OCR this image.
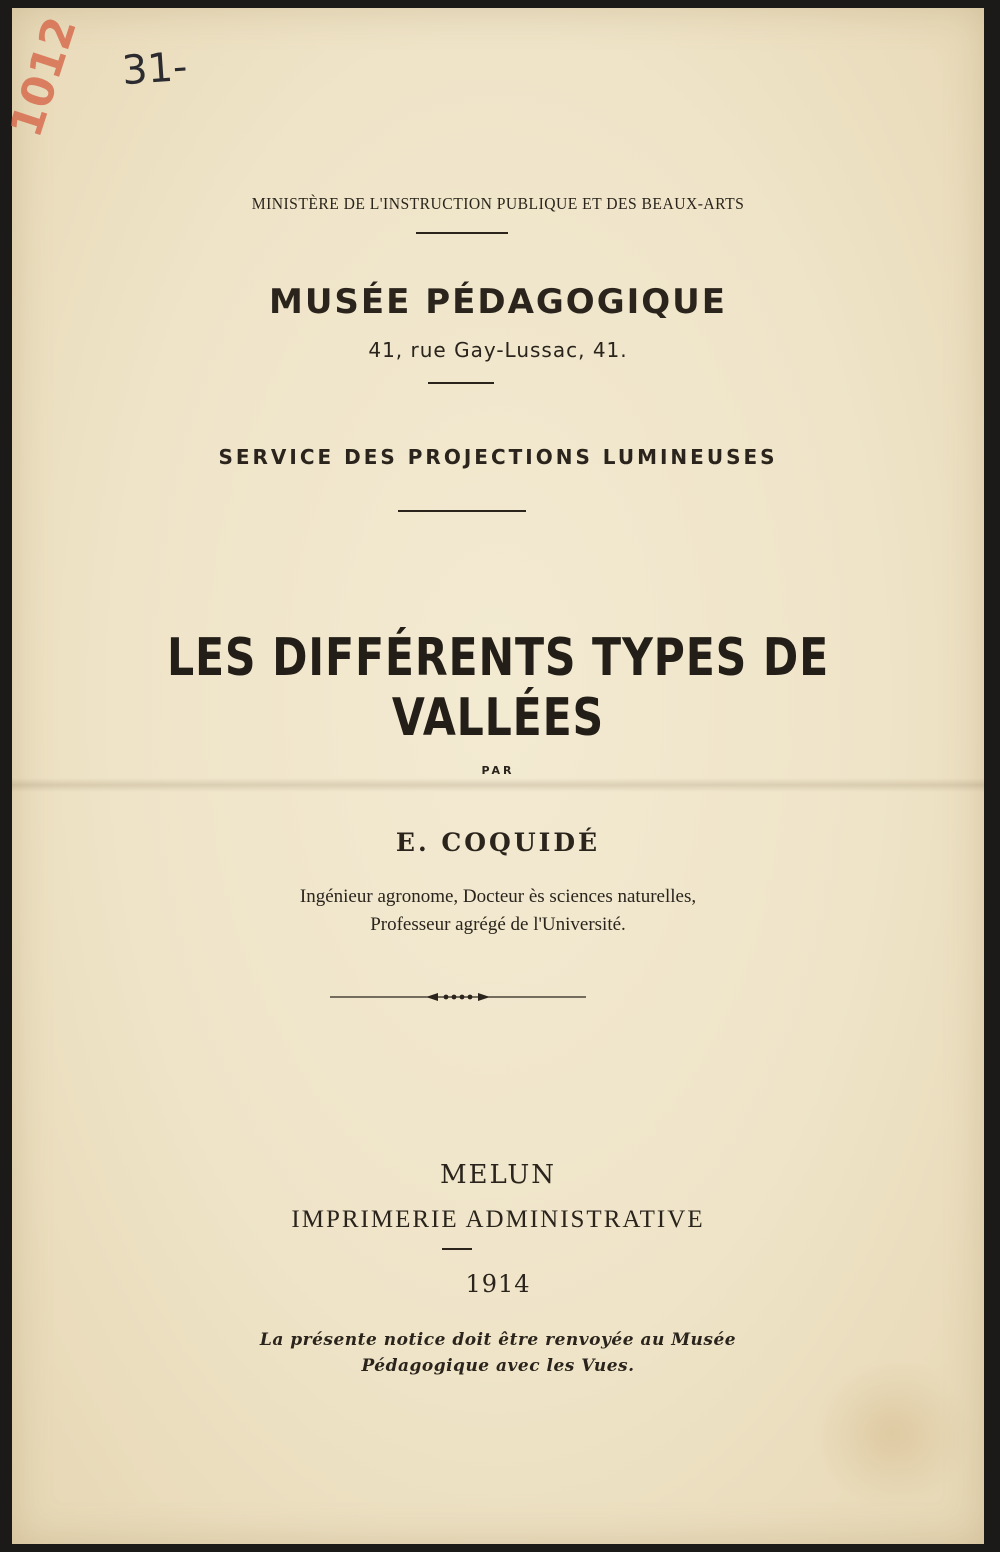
31-
1012
MINISTÈRE DE L'INSTRUCTION PUBLIQUE ET DES BEAUX-ARTS
MUSÉE PÉDAGOGIQUE
41, rue Gay-Lussac, 41.
SERVICE DES PROJECTIONS LUMINEUSES
LES DIFFÉRENTS TYPES DE VALLÉES
PAR
E. COQUIDÉ
Ingénieur agronome, Docteur ès sciences naturelles,
Professeur agrégé de l'Université.
MELUN
IMPRIMERIE ADMINISTRATIVE
1914
La présente notice doit être renvoyée au Musée
Pédagogique avec les Vues.
